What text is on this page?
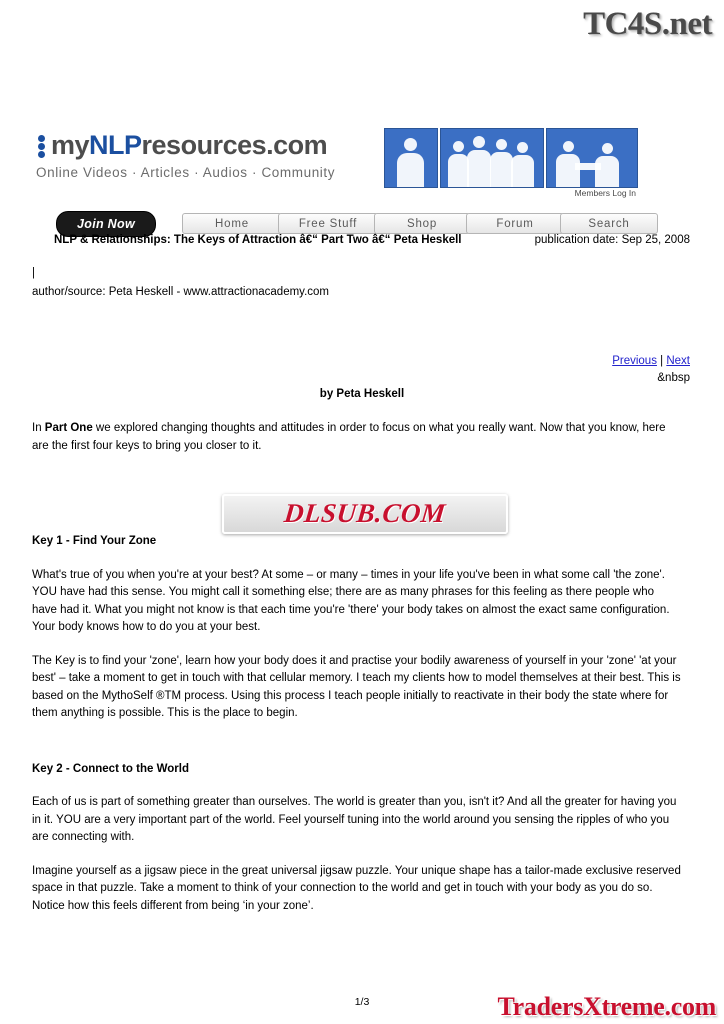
TC4S.net
myNLPresources.com
Online Videos · Articles · Audios · Community
Members Log In
Join Now	Home	Free Stuff	Shop	Forum	Search
NLP & Relationships: The Keys of Attraction â€“ Part Two â€“ Peta Heskell	publication date: Sep 25, 2008
|
author/source: Peta Heskell - www.attractionacademy.com
Previous | Next
&nbsp
by Peta Heskell

In Part One we explored changing thoughts and attitudes in order to focus on what you really want. Now that you know, here are the first four keys to bring you closer to it.

Key 1 - Find Your Zone

What's true of you when you're at your best? At some – or many – times in your life you've been in what some call 'the zone'. YOU have had this sense. You might call it something else; there are as many phrases for this feeling as there people who have had it. What you might not know is that each time you're 'there' your body takes on almost the exact same configuration. Your body knows how to do you at your best.

The Key is to find your 'zone', learn how your body does it and practise your bodily awareness of yourself in your 'zone' 'at your best' – take a moment to get in touch with that cellular memory. I teach my clients how to model themselves at their best. This is based on the MythoSelf ®TM process. Using this process I teach people initially to reactivate in their body the state where for them anything is possible. This is the place to begin.

Key 2 - Connect to the World

Each of us is part of something greater than ourselves. The world is greater than you, isn't it? And all the greater for having you in it. YOU are a very important part of the world. Feel yourself tuning into the world around you sensing the ripples of who you are connecting with.

Imagine yourself as a jigsaw piece in the great universal jigsaw puzzle. Your unique shape has a tailor-made exclusive reserved space in that puzzle. Take a moment to think of your connection to the world and get in touch with your body as you do so. Notice how this feels different from being ‘in your zone’.

DLSUB.COM
1/3	TradersXtreme.com
